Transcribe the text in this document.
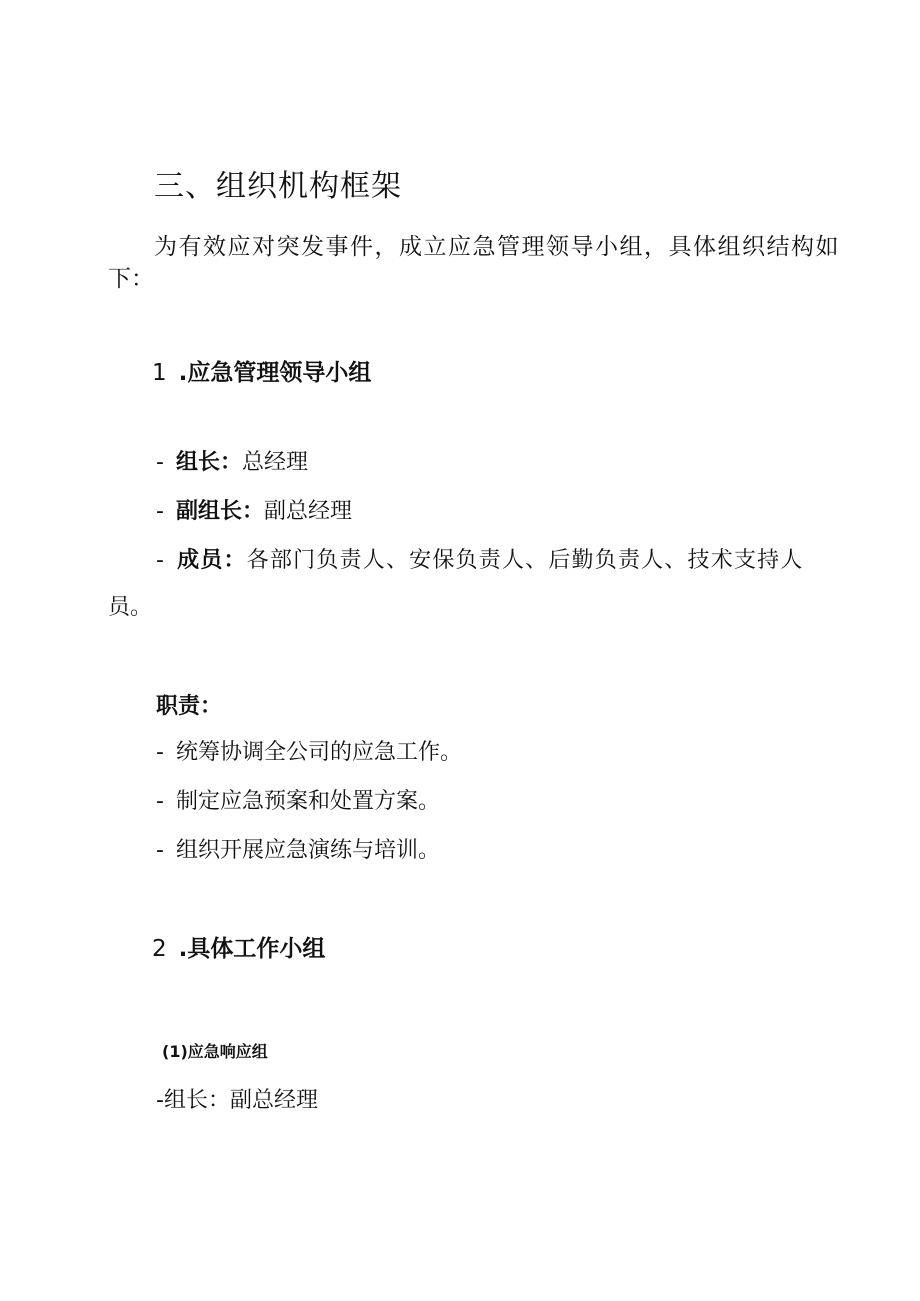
三、组织机构框架
为有效应对突发事件，成立应急管理领导小组，具体组织结构如
下：
1 .应急管理领导小组
- 组长：总经理
- 副组长：副总经理
- 成员：各部门负责人、安保负责人、后勤负责人、技术支持人
员。
职责：
- 统筹协调全公司的应急工作。
- 制定应急预案和处置方案。
- 组织开展应急演练与培训。
2 .具体工作小组
(1)应急响应组
-组长：副总经理
